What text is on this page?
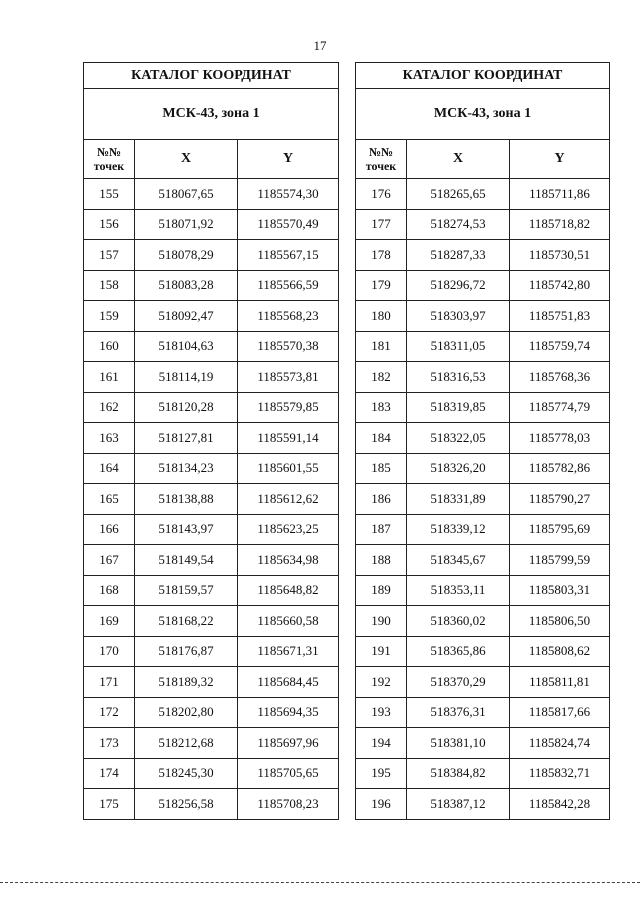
17
КАТАЛОГ КООРДИНАТ		
МСК-43, зона 1		
№№ точек	X	Y
155	518067,65	1185574,30
156	518071,92	1185570,49
157	518078,29	1185567,15
158	518083,28	1185566,59
159	518092,47	1185568,23
160	518104,63	1185570,38
161	518114,19	1185573,81
162	518120,28	1185579,85
163	518127,81	1185591,14
164	518134,23	1185601,55
165	518138,88	1185612,62
166	518143,97	1185623,25
167	518149,54	1185634,98
168	518159,57	1185648,82
169	518168,22	1185660,58
170	518176,87	1185671,31
171	518189,32	1185684,45
172	518202,80	1185694,35
173	518212,68	1185697,96
174	518245,30	1185705,65
175	518256,58	1185708,23
КАТАЛОГ КООРДИНАТ		
МСК-43, зона 1		
№№ точек	X	Y
176	518265,65	1185711,86
177	518274,53	1185718,82
178	518287,33	1185730,51
179	518296,72	1185742,80
180	518303,97	1185751,83
181	518311,05	1185759,74
182	518316,53	1185768,36
183	518319,85	1185774,79
184	518322,05	1185778,03
185	518326,20	1185782,86
186	518331,89	1185790,27
187	518339,12	1185795,69
188	518345,67	1185799,59
189	518353,11	1185803,31
190	518360,02	1185806,50
191	518365,86	1185808,62
192	518370,29	1185811,81
193	518376,31	1185817,66
194	518381,10	1185824,74
195	518384,82	1185832,71
196	518387,12	1185842,28
